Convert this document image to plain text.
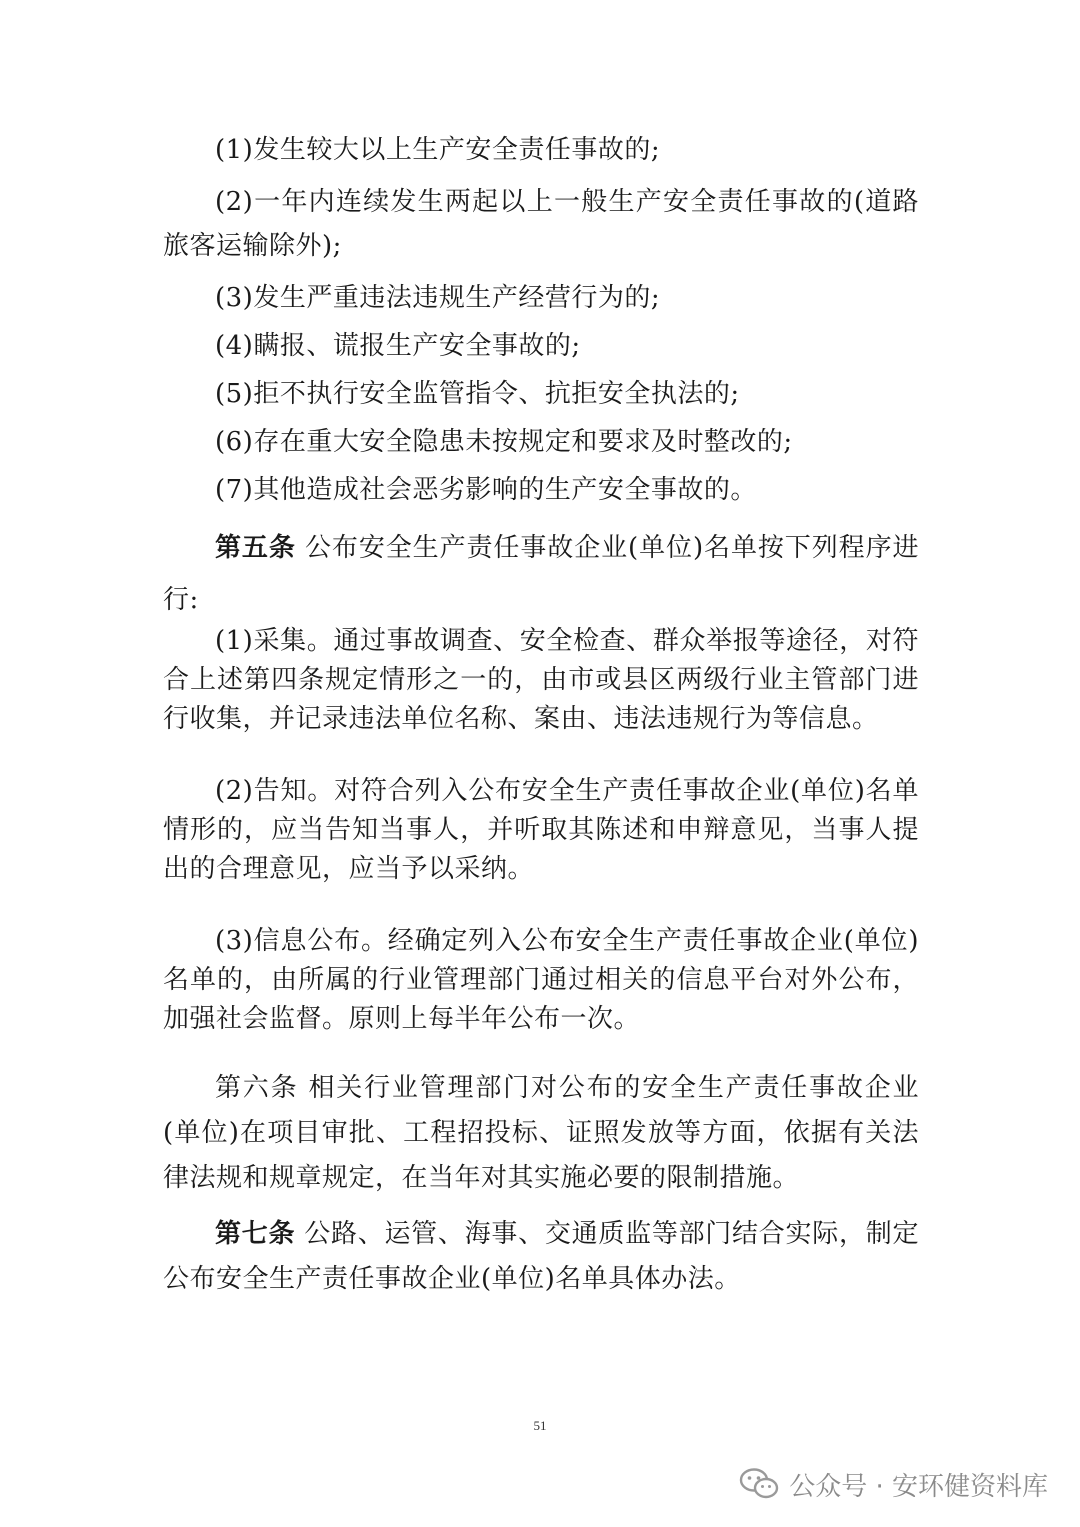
(1)发生较大以上生产安全责任事故的;

(2)一年内连续发生两起以上一般生产安全责任事故的(道路旅客运输除外);

(3)发生严重违法违规生产经营行为的;

(4)瞒报、谎报生产安全事故的;

(5)拒不执行安全监管指令、抗拒安全执法的;

(6)存在重大安全隐患未按规定和要求及时整改的;

(7)其他造成社会恶劣影响的生产安全事故的。

第五条 公布安全生产责任事故企业(单位)名单按下列程序进行:

(1)采集。通过事故调查、安全检查、群众举报等途径，对符合上述第四条规定情形之一的，由市或县区两级行业主管部门进行收集，并记录违法单位名称、案由、违法违规行为等信息。

(2)告知。对符合列入公布安全生产责任事故企业(单位)名单情形的，应当告知当事人，并听取其陈述和申辩意见，当事人提出的合理意见，应当予以采纳。

(3)信息公布。经确定列入公布安全生产责任事故企业(单位)名单的，由所属的行业管理部门通过相关的信息平台对外公布，加强社会监督。原则上每半年公布一次。

第六条 相关行业管理部门对公布的安全生产责任事故企业(单位)在项目审批、工程招投标、证照发放等方面，依据有关法律法规和规章规定，在当年对其实施必要的限制措施。

第七条 公路、运管、海事、交通质监等部门结合实际，制定公布安全生产责任事故企业(单位)名单具体办法。

51
公众号 · 安环健资料库
